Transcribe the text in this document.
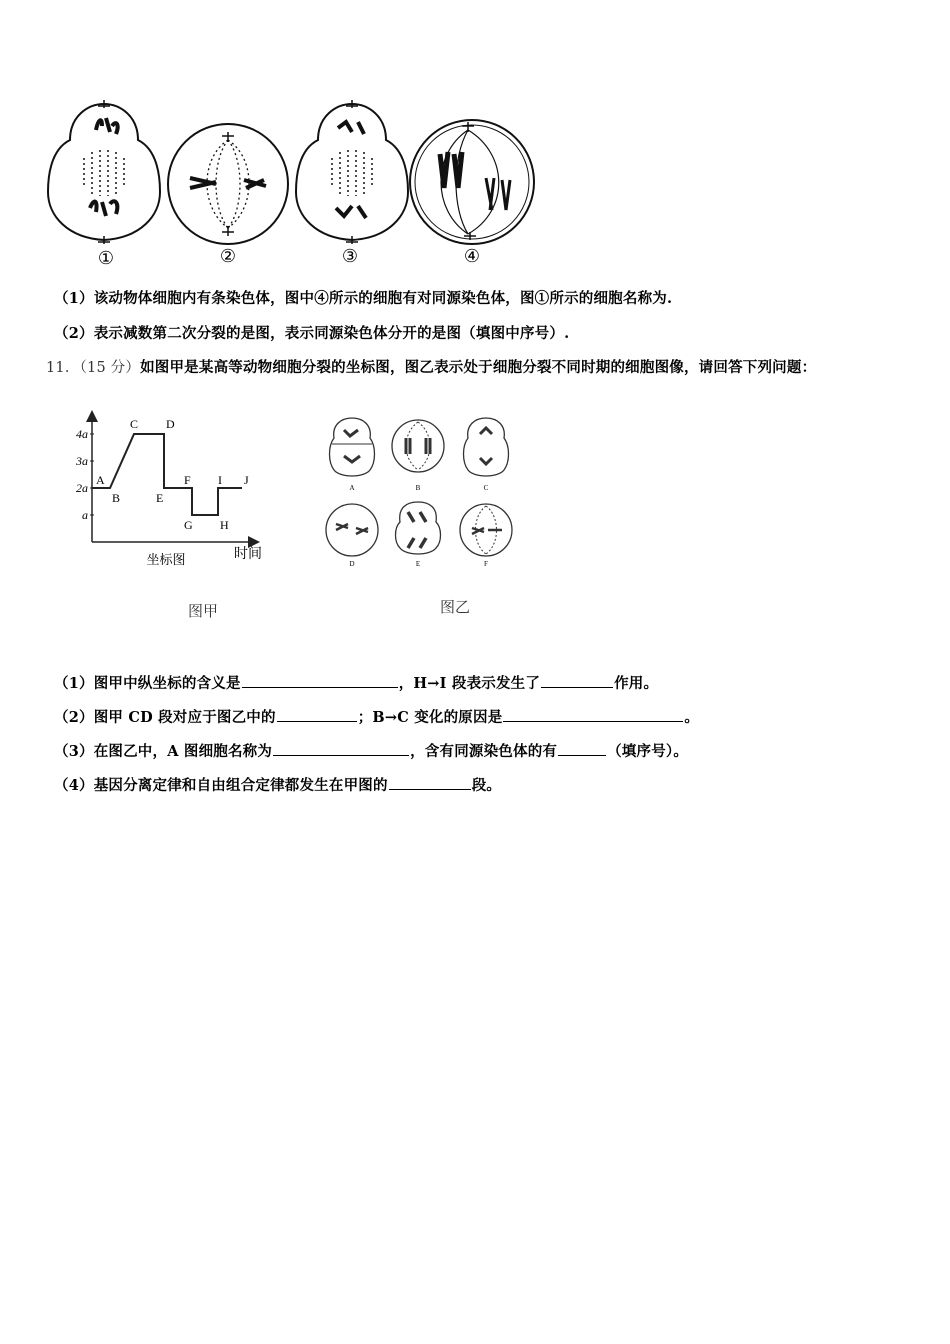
①	②	③	④
（1）该动物体细胞内有条染色体，图中④所示的细胞有对同源染色体，图①所示的细胞名称为.
（2）表示减数第二次分裂的是图，表示同源染色体分开的是图（填图中序号）.
11．（15 分）如图甲是某高等动物细胞分裂的坐标图，图乙表示处于细胞分裂不同时期的细胞图像，请回答下列问题：
a
2a
3a
4a
A
B
C D
E
F
G H
I J
时间
坐标图
图甲
A	B	C
D	E	F
图乙
（1）图甲中纵坐标的含义是	，H→I 段表示发生了	作用。
（2）图甲 CD 段对应于图乙中的	；B→C 变化的原因是	。
（3）在图乙中，A 图细胞名称为	，含有同源染色体的有	（填序号）。
（4）基因分离定律和自由组合定律都发生在甲图的	段。
